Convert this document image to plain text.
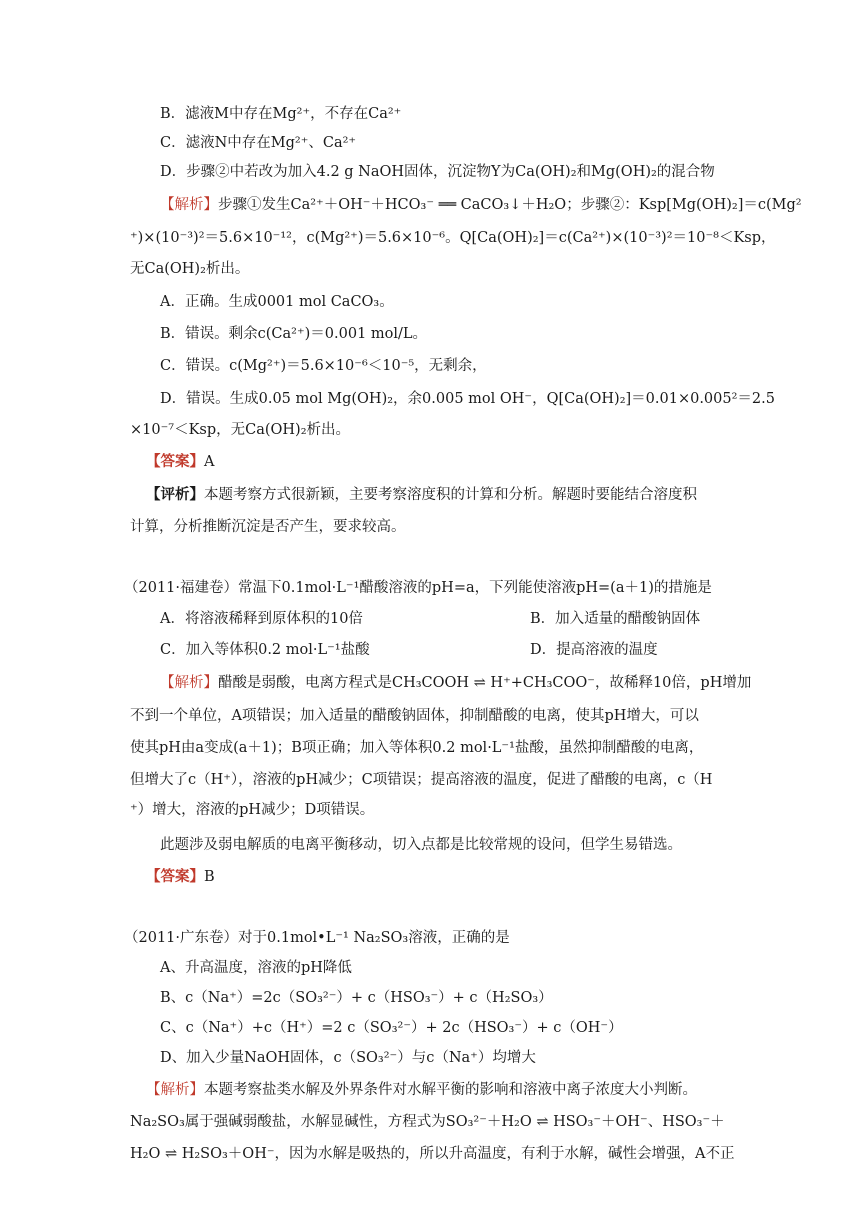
B．滤液M中存在Mg²⁺，不存在Ca²⁺
C．滤液N中存在Mg²⁺、Ca²⁺
D．步骤②中若改为加入4.2 g NaOH固体，沉淀物Y为Ca(OH)₂和Mg(OH)₂的混合物
【解析】步骤①发生Ca²⁺＋OH⁻＋HCO₃⁻ ══ CaCO₃↓＋H₂O；步骤②：Ksp[Mg(OH)₂]＝c(Mg²
⁺)×(10⁻³)²＝5.6×10⁻¹²，c(Mg²⁺)＝5.6×10⁻⁶。Q[Ca(OH)₂]＝c(Ca²⁺)×(10⁻³)²＝10⁻⁸＜Ksp，
无Ca(OH)₂析出。
A．正确。生成0001 mol CaCO₃。
B．错误。剩余c(Ca²⁺)＝0.001 mol/L。
C．错误。c(Mg²⁺)＝5.6×10⁻⁶＜10⁻⁵，无剩余，
D．错误。生成0.05 mol Mg(OH)₂，余0.005 mol OH⁻，Q[Ca(OH)₂]＝0.01×0.005²＝2.5
×10⁻⁷＜Ksp，无Ca(OH)₂析出。
【答案】A
【评析】本题考察方式很新颖，主要考察溶度积的计算和分析。解题时要能结合溶度积
计算，分析推断沉淀是否产生，要求较高。
（2011·福建卷）常温下0.1mol·L⁻¹醋酸溶液的pH=a，下列能使溶液pH=(a＋1)的措施是
A．将溶液稀释到原体积的10倍	B．加入适量的醋酸钠固体
C．加入等体积0.2 mol·L⁻¹盐酸	D．提高溶液的温度
【解析】醋酸是弱酸，电离方程式是CH₃COOH ⇌ H⁺+CH₃COO⁻，故稀释10倍，pH增加
不到一个单位，A项错误；加入适量的醋酸钠固体，抑制醋酸的电离，使其pH增大，可以
使其pH由a变成(a＋1)；B项正确；加入等体积0.2 mol·L⁻¹盐酸，虽然抑制醋酸的电离，
但增大了c（H⁺），溶液的pH减少；C项错误；提高溶液的温度，促进了醋酸的电离，c（H
⁺）增大，溶液的pH减少；D项错误。
此题涉及弱电解质的电离平衡移动，切入点都是比较常规的设问，但学生易错选。
【答案】B
（2011·广东卷）对于0.1mol•L⁻¹ Na₂SO₃溶液，正确的是
A、升高温度，溶液的pH降低
B、c（Na⁺）=2c（SO₃²⁻）+ c（HSO₃⁻）+ c（H₂SO₃）
C、c（Na⁺）+c（H⁺）=2 c（SO₃²⁻）+ 2c（HSO₃⁻）+ c（OH⁻）
D、加入少量NaOH固体，c（SO₃²⁻）与c（Na⁺）均增大
【解析】本题考察盐类水解及外界条件对水解平衡的影响和溶液中离子浓度大小判断。
Na₂SO₃属于强碱弱酸盐，水解显碱性，方程式为SO₃²⁻＋H₂O ⇌ HSO₃⁻＋OH⁻、HSO₃⁻＋
H₂O ⇌ H₂SO₃＋OH⁻，因为水解是吸热的，所以升高温度，有利于水解，碱性会增强，A不正
